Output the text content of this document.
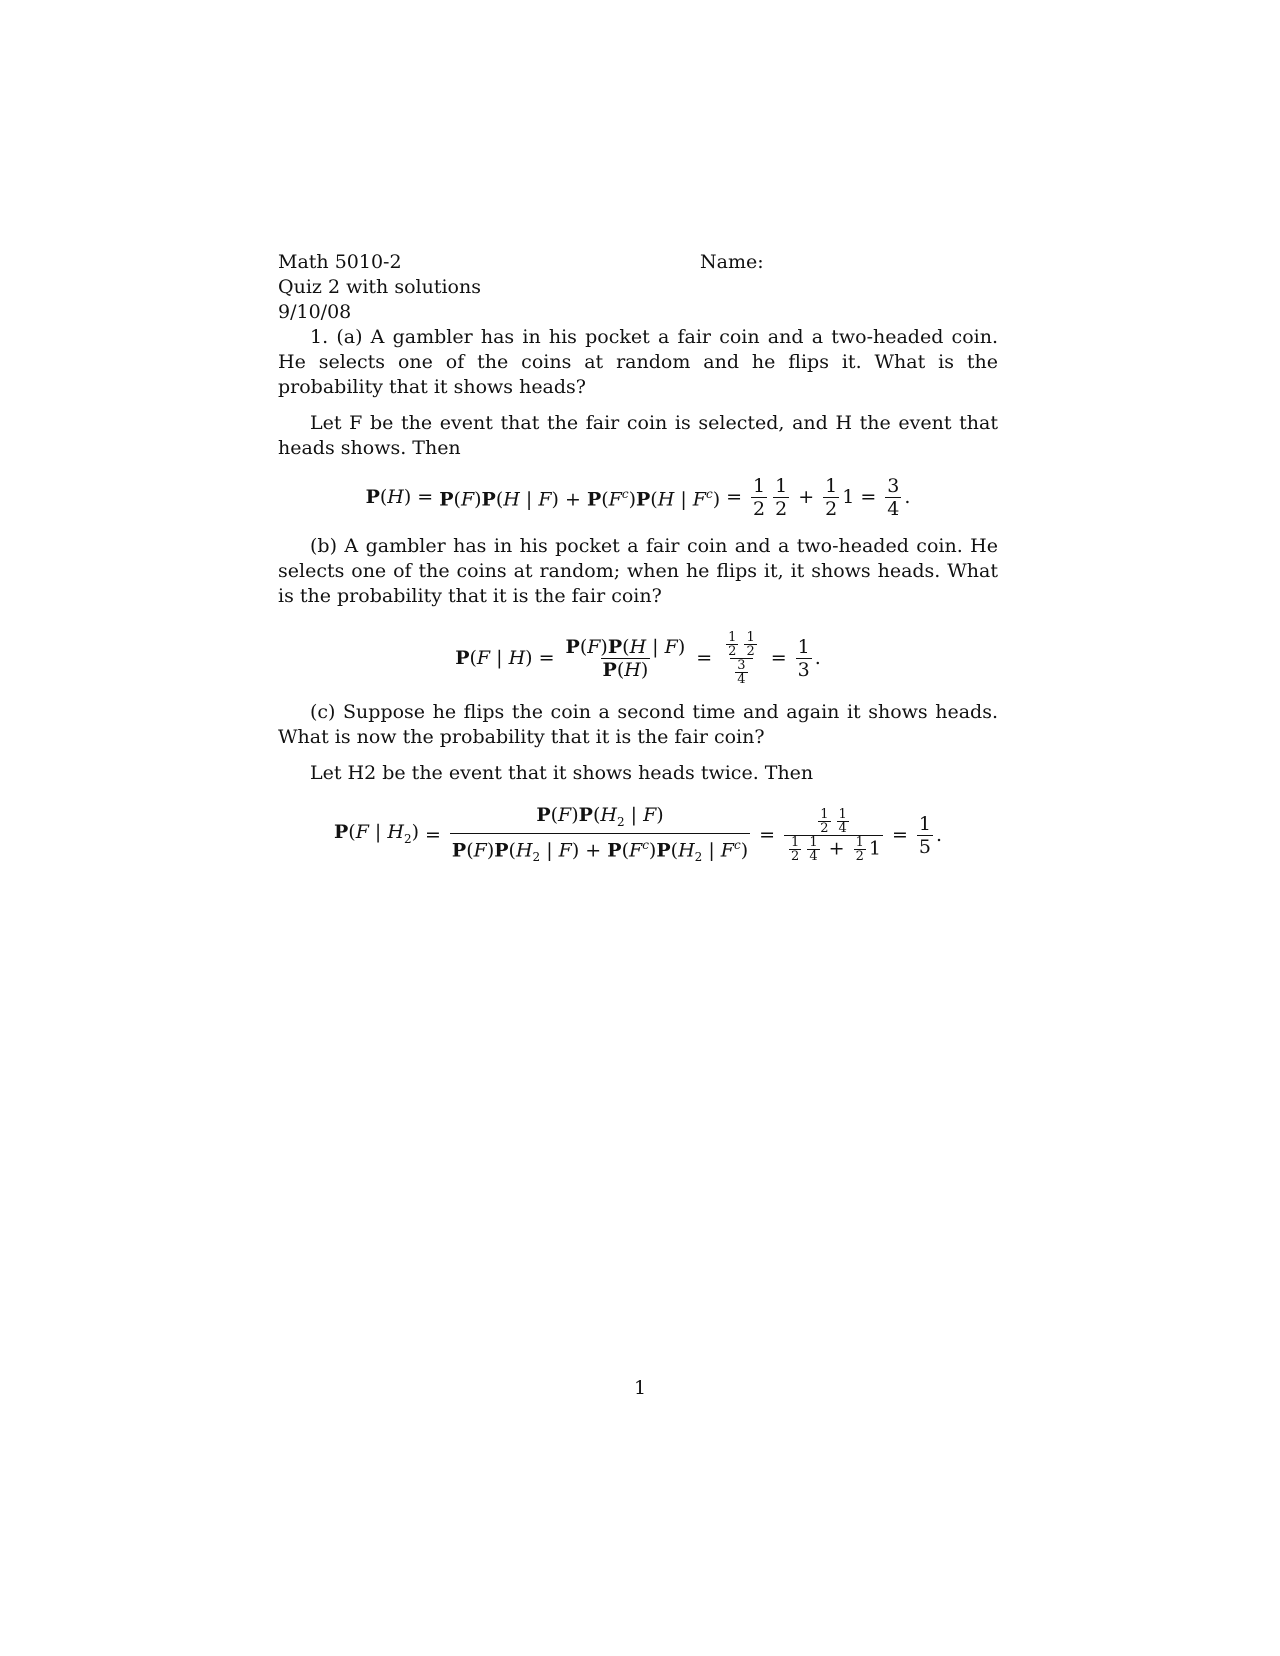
Math 5010-2	Name:
Quiz 2 with solutions
9/10/08

1. (a) A gambler has in his pocket a fair coin and a two-headed coin. He selects one of the coins at random and he flips it. What is the probability that it shows heads?

Let F be the event that the fair coin is selected, and H the event that heads shows. Then

P(H) = P(F)P(H | $F) + P(F^c)P(H$ | $F^c) = \frac{1}{2} \frac{1}{2} + \frac{1}{2} 1 = \frac{3}{4}$ .

(b) A gambler has in his pocket a fair coin and a two-headed coin. He selects one of the coins at random; when he flips it, it shows heads. What is the probability that it is the fair coin?

P(F | $H) = \frac{P(F)P(H | F)}{P(H)} = \frac{\frac{1}{2} \frac{1}{2}}{\frac{3}{4}} = \frac{1}{3}$ .

(c) Suppose he flips the coin a second time and again it shows heads. What is now the probability that it is the fair coin?

Let H2 be the event that it shows heads twice. Then

P(F | $H_2) = \frac{P(F)P(H_2 | F)}{P(F)P(H_2 | F) + P(F^c)P(H_2 | F^c)} = \frac{\frac{1}{2} \frac{1}{4}}{\frac{1}{2} \frac{1}{4} + \frac{1}{2} 1} = \frac{1}{5}$ .
1
